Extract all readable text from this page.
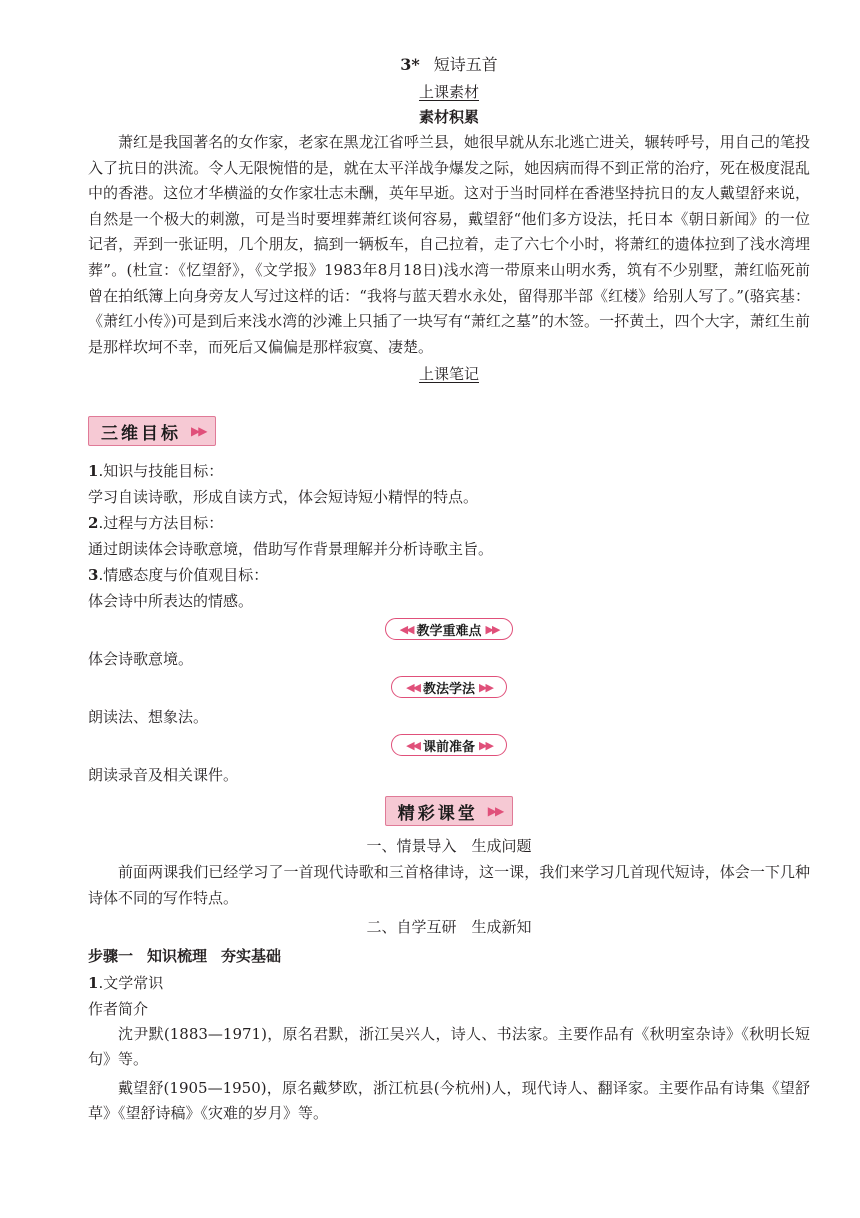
3* 短诗五首
上课素材
素材积累

萧红是我国著名的女作家，老家在黑龙江省呼兰县，她很早就从东北逃亡进关，辗转呼号，用自己的笔投入了抗日的洪流。令人无限惋惜的是，就在太平洋战争爆发之际，她因病而得不到正常的治疗，死在极度混乱中的香港。这位才华横溢的女作家壮志未酬，英年早逝。这对于当时同样在香港坚持抗日的友人戴望舒来说，自然是一个极大的刺激，可是当时要埋葬萧红谈何容易，戴望舒“他们多方设法，托日本《朝日新闻》的一位记者，弄到一张证明，几个朋友，搞到一辆板车，自己拉着，走了六七个小时，将萧红的遗体拉到了浅水湾埋葬”。(杜宣：《忆望舒》，《文学报》1983年8月18日)浅水湾一带原来山明水秀，筑有不少别墅，萧红临死前曾在拍纸簿上向身旁友人写过这样的话：“我将与蓝天碧水永处，留得那半部《红楼》给别人写了。”(骆宾基：《萧红小传》)可是到后来浅水湾的沙滩上只插了一块写有“萧红之墓”的木签。一抔黄土，四个大字，萧红生前是那样坎坷不幸，而死后又偏偏是那样寂寞、凄楚。

上课笔记
三维目标 ▶▶

1.知识与技能目标：

学习自读诗歌，形成自读方式，体会短诗短小精悍的特点。

2.过程与方法目标：

通过朗读体会诗歌意境，借助写作背景理解并分析诗歌主旨。

3.情感态度与价值观目标：

体会诗中所表达的情感。

◀◀ 教学重难点 ▶▶

体会诗歌意境。

◀◀ 教法学法 ▶▶

朗读法、想象法。

◀◀ 课前准备 ▶▶

朗读录音及相关课件。

精彩课堂 ▶▶
一、情景导入　生成问题

前面两课我们已经学习了一首现代诗歌和三首格律诗，这一课，我们来学习几首现代短诗，体会一下几种诗体不同的写作特点。

二、自学互研　生成新知
步骤一 知识梳理 夯实基础

1.文学常识

作者简介

沈尹默(1883—1971)，原名君默，浙江吴兴人，诗人、书法家。主要作品有《秋明室杂诗》《秋明长短句》等。

戴望舒(1905—1950)，原名戴梦欧，浙江杭县(今杭州)人，现代诗人、翻译家。主要作品有诗集《望舒草》《望舒诗稿》《灾难的岁月》等。
